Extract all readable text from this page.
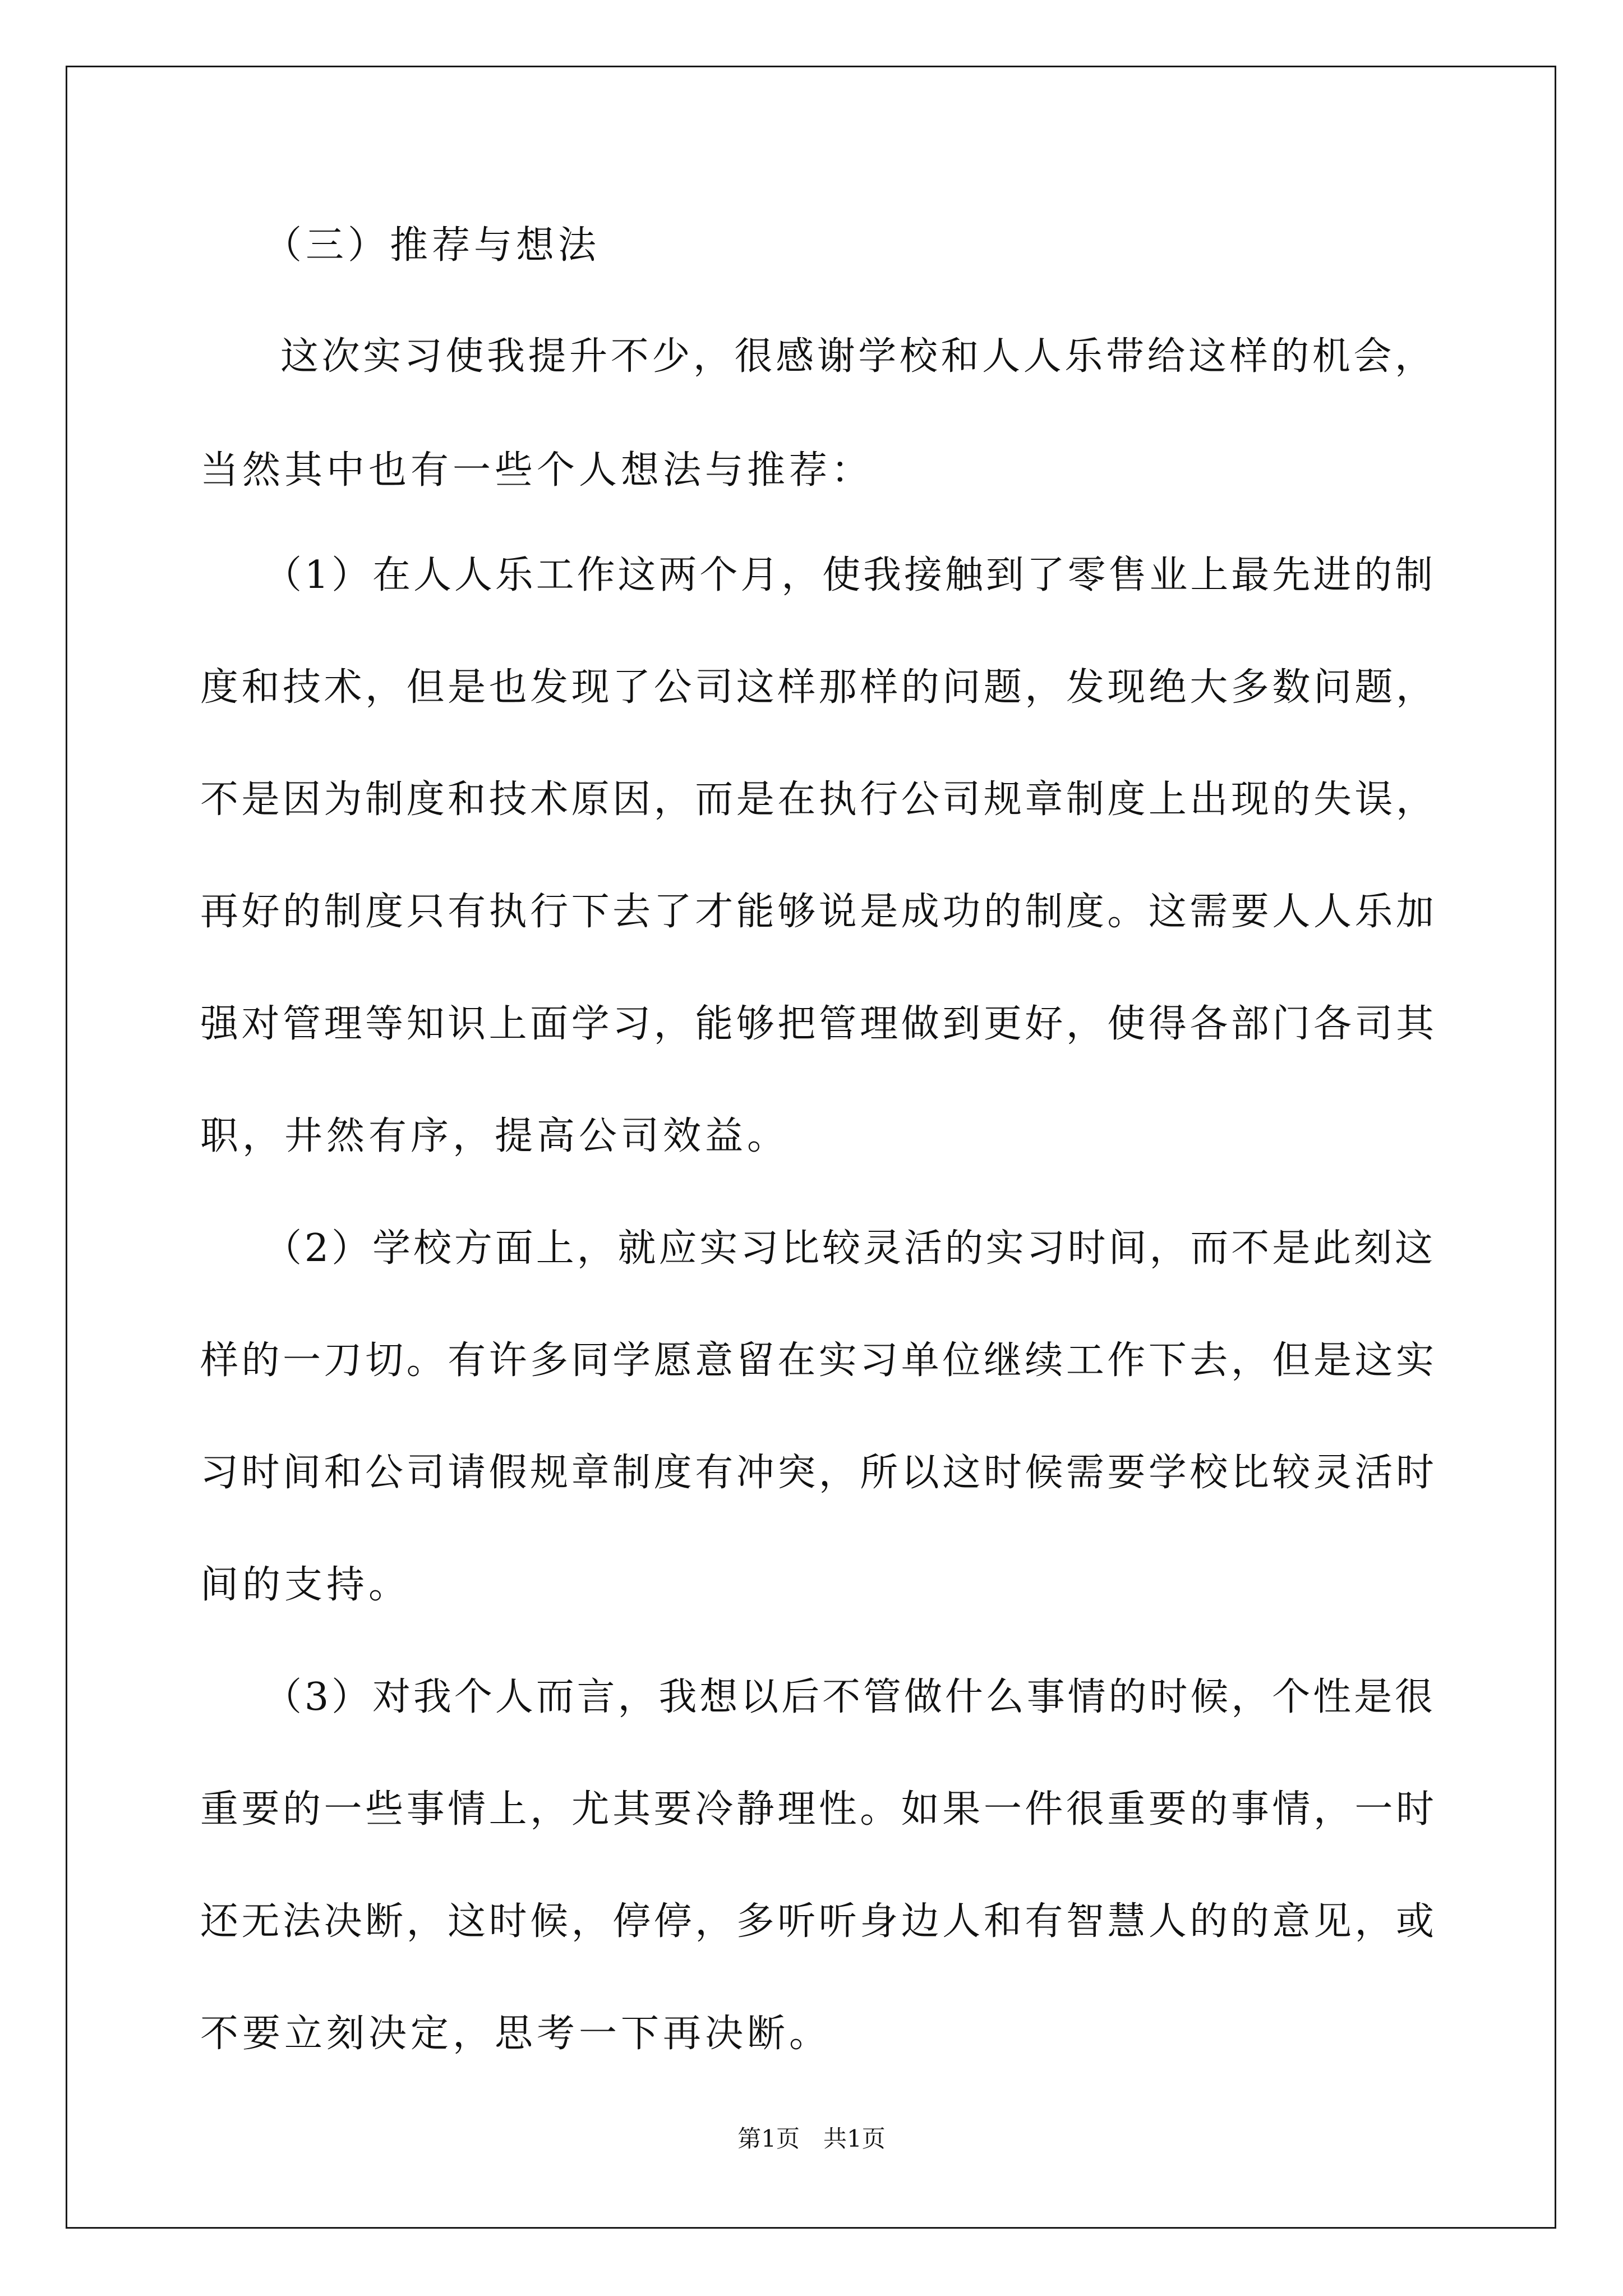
（三）推荐与想法
这次实习使我提升不少，很感谢学校和人人乐带给这样的机会，
当然其中也有一些个人想法与推荐：
（1）在人人乐工作这两个月，使我接触到了零售业上最先进的制
度和技术，但是也发现了公司这样那样的问题，发现绝大多数问题，
不是因为制度和技术原因，而是在执行公司规章制度上出现的失误，
再好的制度只有执行下去了才能够说是成功的制度。这需要人人乐加
强对管理等知识上面学习，能够把管理做到更好，使得各部门各司其
职，井然有序，提高公司效益。
（2）学校方面上，就应实习比较灵活的实习时间，而不是此刻这
样的一刀切。有许多同学愿意留在实习单位继续工作下去，但是这实
习时间和公司请假规章制度有冲突，所以这时候需要学校比较灵活时
间的支持。
（3）对我个人而言，我想以后不管做什么事情的时候，个性是很
重要的一些事情上，尤其要冷静理性。如果一件很重要的事情，一时
还无法决断，这时候，停停，多听听身边人和有智慧人的的意见，或
不要立刻决定，思考一下再决断。
第1页　共1页
